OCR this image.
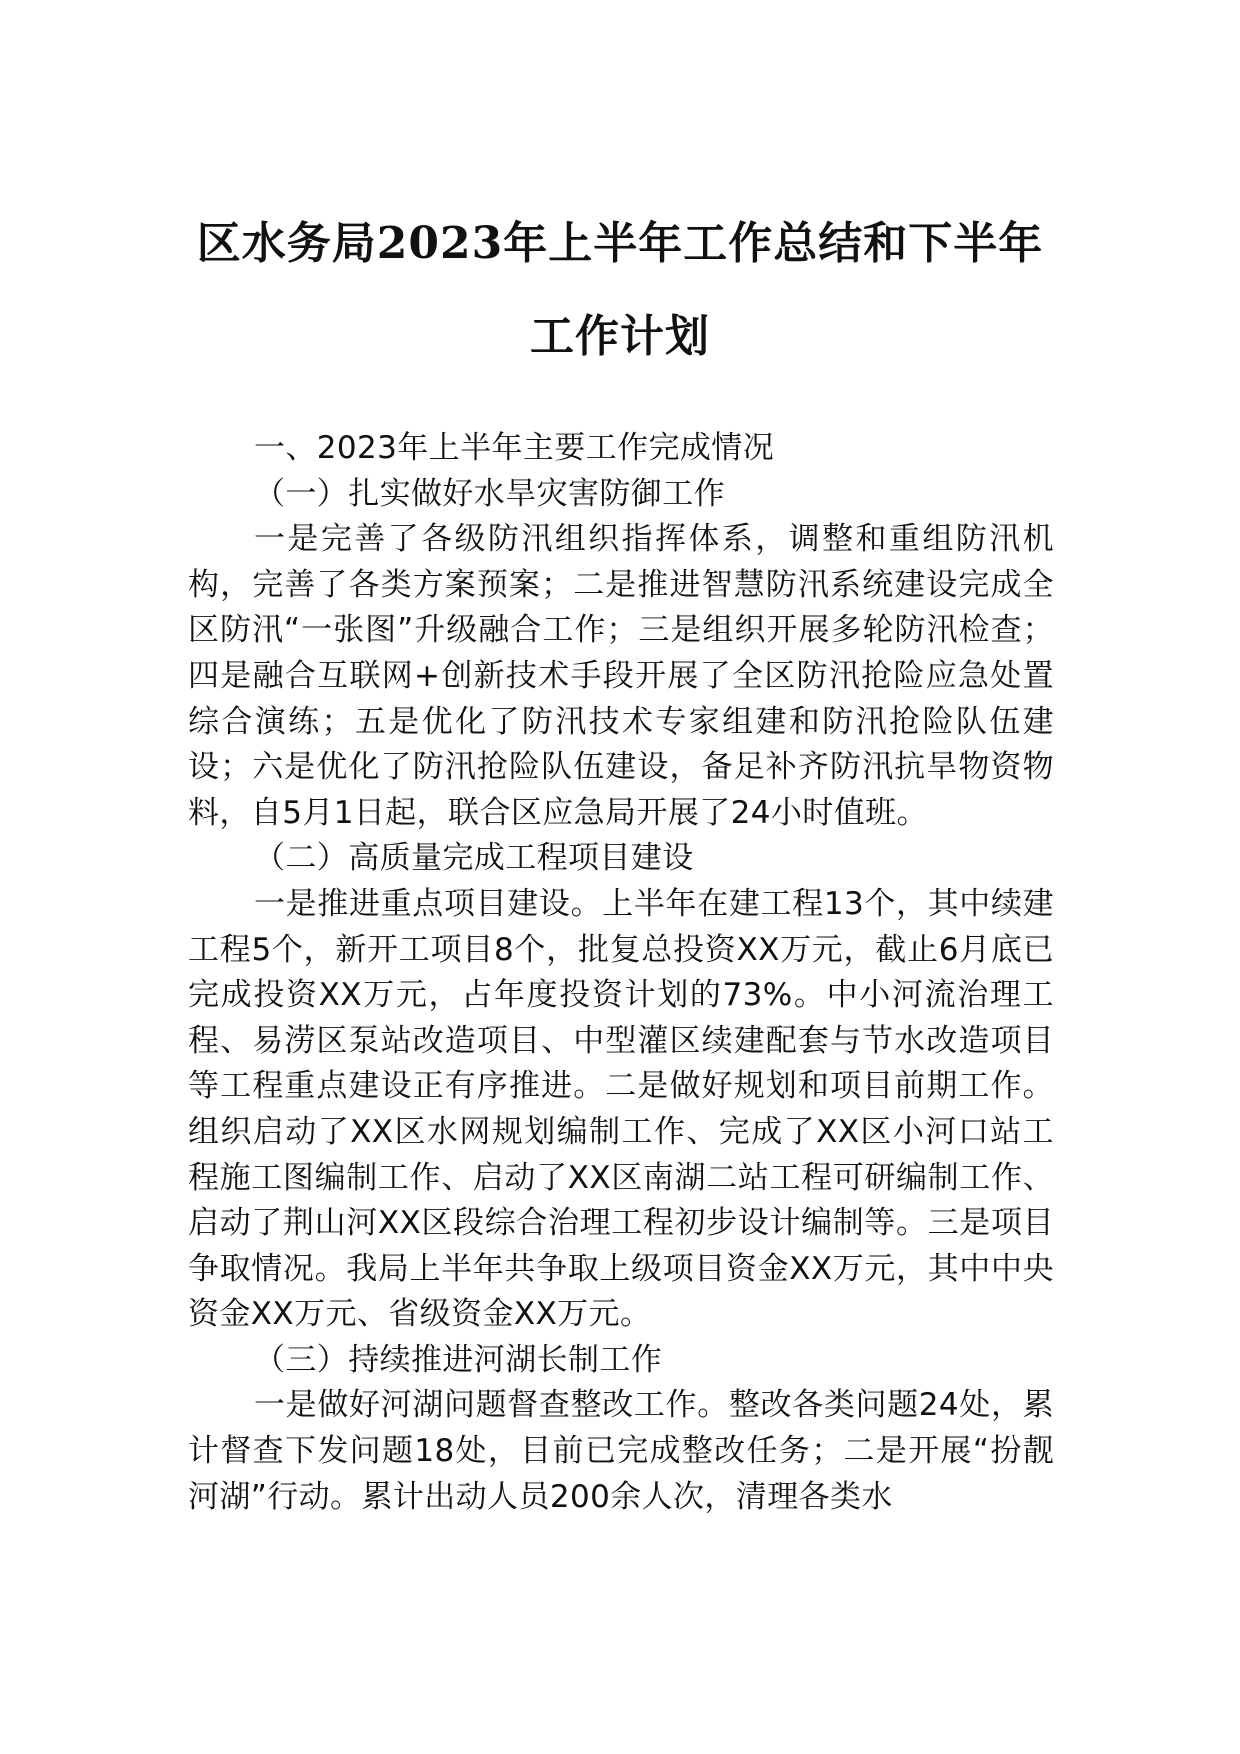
区水务局2023年上半年工作总结和下半年
工作计划

一、2023年上半年主要工作完成情况

（一）扎实做好水旱灾害防御工作

一是完善了各级防汛组织指挥体系，调整和重组防汛机构，完善了各类方案预案；二是推进智慧防汛系统建设完成全区防汛“一张图”升级融合工作；三是组织开展多轮防汛检查；四是融合互联网+创新技术手段开展了全区防汛抢险应急处置综合演练；五是优化了防汛技术专家组建和防汛抢险队伍建设；六是优化了防汛抢险队伍建设，备足补齐防汛抗旱物资物料，自5月1日起，联合区应急局开展了24小时值班。

（二）高质量完成工程项目建设

一是推进重点项目建设。上半年在建工程13个，其中续建工程5个，新开工项目8个，批复总投资XX万元，截止6月底已完成投资XX万元，占年度投资计划的73%。中小河流治理工程、易涝区泵站改造项目、中型灌区续建配套与节水改造项目等工程重点建设正有序推进。二是做好规划和项目前期工作。组织启动了XX区水网规划编制工作、完成了XX区小河口站工程施工图编制工作、启动了XX区南湖二站工程可研编制工作、启动了荆山河XX区段综合治理工程初步设计编制等。三是项目争取情况。我局上半年共争取上级项目资金XX万元，其中中央资金XX万元、省级资金XX万元。

（三）持续推进河湖长制工作

一是做好河湖问题督查整改工作。整改各类问题24处，累计督查下发问题18处，目前已完成整改任务；二是开展“扮靓河湖”行动。累计出动人员200余人次，清理各类水
